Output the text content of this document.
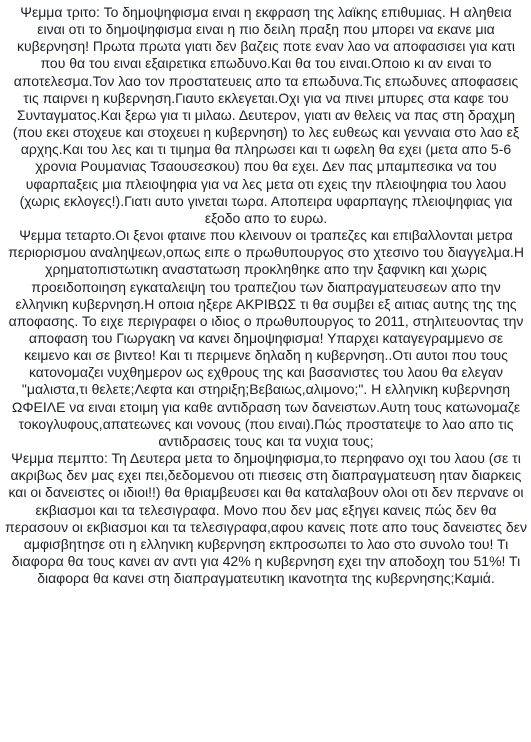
Ψεμμα τριτο: Το δημοψηφισμα ειναι η εκφραση της λαϊκης επιθυμιας. Η αληθεια ειναι οτι το δημοψηφισμα ειναι η πιο δειλη πραξη που μπορει να εκανε μια κυβερνηση! Πρωτα πρωτα γιατι δεν βαζεις ποτε εναν λαο να αποφασισει για κατι που θα του ειναι εξαιρετικα επωδυνο.Και θα του ειναι.Οποιο κι αν ειναι το αποτελεσμα.Τον λαο τον προστατευεις απο τα επωδυνα.Τις επωδυνες αποφασεις τις παιρνει η κυβερνηση.Γιαυτο εκλεγεται.Οχι για να πινει μπυρες στα καφε του Συνταγματος.Και ξερω για τι μιλαω. Δευτερον, γιατι αν θελεις να πας στη δραχμη (που εκει στοχευε και στοχευει η κυβερνηση) το λες ευθεως και γενναια στο λαο εξ αρχης.Και του λες και τι τιμημα θα πληρωσει και τι ωφελη θα εχει (μετα απο 5-6 χρονια Ρουμανιας Τσαουσεσκου) που θα εχει. Δεν πας μπαμπεσικα να του υφαρπαξεις μια πλειοψηφια για να λες μετα οτι εχεις την πλειοψηφια του λαου (χωρις εκλογες!).Γιατι αυτο γινεται τωρα. Αποπειρα υφαρπαγης πλειοψηφιας για εξοδο απο το ευρω.

Ψεμμα τεταρτο.Οι ξενοι φταινε που κλεινουν οι τραπεζες και επιβαλλονται μετρα περιορισμου αναληψεων,οπως ειπε ο πρωθυπουργος στο χτεσινο του διαγγελμα.Η χρηματοπιστωτικη αναστατωση προκληθηκε απο την ξαφνικη και χωρις προειδοποιηση εγκαταλειψη του τραπεζιου των διαπραγματευσεων απο την ελληνικη κυβερνηση.Η οποια ηξερε ΑΚΡΙΒΩΣ τι θα συμβει εξ αιτιας αυτης της της αποφασης. Το ειχε περιγραφει ο ιδιος ο πρωθυπουργος το 2011, στηλιτευοντας την αποφαση του Γιωργακη να κανει δημοψηφισμα! Υπαρχει καταγεγραμμενο σε κειμενο και σε βιντεο! Και τι περιμενε δηλαδη η κυβερνηση..Οτι αυτοι που τους κατονομαζει νυχθημερον ως εχθρους της και βασανιστες του λαου θα ελεγαν "μαλιστα,τι θελετε;Λεφτα και στηριξη;Βεβαιως,αλιμονο;". Η ελληνικη κυβερνηση ΩΦΕΙΛΕ να ειναι ετοιμη για καθε αντιδραση των δανειστων.Αυτη τους κατωνομαζε τοκογλυφους,απατεωνες και νονους (που ειναι).Πώς προστατεψε το λαο απο τις αντιδρασεις τους και τα νυχια τους;

Ψεμμα πεμπτο: Τη Δευτερα μετα το δημοψηφισμα,το περηφανο οχι του λαου (σε τι ακριβως δεν μας εχει πει,δεδομενου οτι πιεσεις στη διαπραγματευση ηταν διαρκεις και οι δανειστες οι ιδιοι!!) θα θριαμβευσει και θα καταλαβουν ολοι οτι δεν περνανε οι εκβιασμοι και τα τελεσιγραφα. Μονο που δεν μας εξηγει κανεις πώς δεν θα περασουν οι εκβιασμοι και τα τελεσιγραφα,αφου κανεις ποτε απο τους δανειστες δεν αμφισβητησε οτι η ελληνικη κυβερνηση εκπροσωπει το λαο στο συνολο του! Τι διαφορα θα τους κανει αν αντι για 42% η κυβερνηση εχει την αποδοχη του 51%! Τι διαφορα θα κανει στη διαπραγματευτικη ικανοτητα της κυβερνησης;Καμιά.
